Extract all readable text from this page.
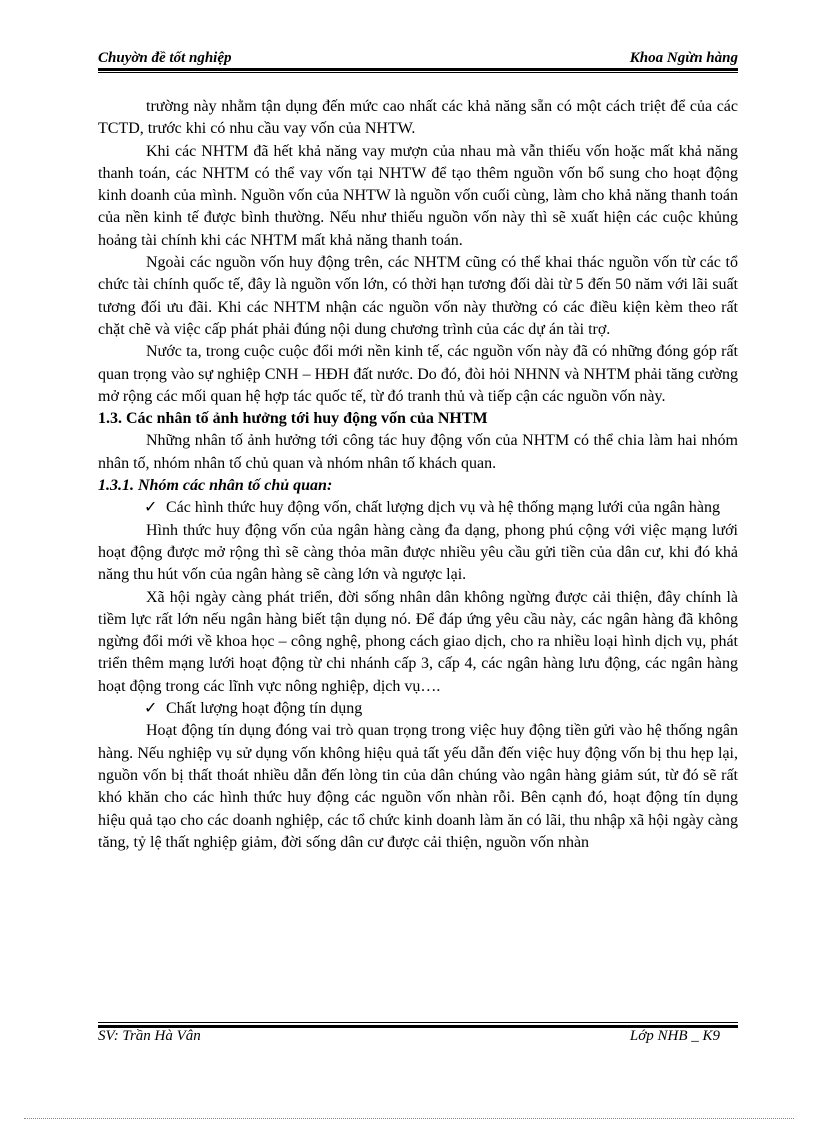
Chuyờn đề tốt nghiệp	Khoa Ngừn hàng

trường này nhằm tận dụng đến mức cao nhất các khả năng sẵn có một cách triệt để của các TCTD, trước khi có nhu cầu vay vốn của NHTW.

Khi các NHTM đã hết khả năng vay mượn của nhau mà vẫn thiếu vốn hoặc mất khả năng thanh toán, các NHTM có thể vay vốn tại NHTW để tạo thêm nguồn vốn bổ sung cho hoạt động kinh doanh của mình. Nguồn vốn của NHTW là nguồn vốn cuối cùng, làm cho khả năng thanh toán của nền kinh tế được bình thường. Nếu như thiếu nguồn vốn này thì sẽ xuất hiện các cuộc khủng hoảng tài chính khi các NHTM mất khả năng thanh toán.

Ngoài các nguồn vốn huy động trên, các NHTM cũng có thể khai thác nguồn vốn từ các tổ chức tài chính quốc tế, đây là nguồn vốn lớn, có thời hạn tương đối dài từ 5 đến 50 năm với lãi suất tương đối ưu đãi. Khi các NHTM nhận các nguồn vốn này thường có các điều kiện kèm theo rất chặt chẽ và việc cấp phát phải đúng nội dung chương trình của các dự án tài trợ.

Nước ta, trong cuộc cuộc đổi mới nền kinh tế, các nguồn vốn này đã có những đóng góp rất quan trọng vào sự nghiệp CNH – HĐH đất nước. Do đó, đòi hỏi NHNN và NHTM phải tăng cường mở rộng các mối quan hệ hợp tác quốc tế, từ đó tranh thủ và tiếp cận các nguồn vốn này.

1.3. Các nhân tố ảnh hưởng tới huy động vốn của NHTM

Những nhân tố ảnh hưởng tới công tác huy động vốn của NHTM có thể chia làm hai nhóm nhân tố, nhóm nhân tố chủ quan và nhóm nhân tố khách quan.

1.3.1. Nhóm các nhân tố chủ quan:

✓ Các hình thức huy động vốn, chất lượng dịch vụ và hệ thống mạng lưới của ngân hàng

Hình thức huy động vốn của ngân hàng càng đa dạng, phong phú cộng với việc mạng lưới hoạt động được mở rộng thì sẽ càng thỏa mãn được nhiều yêu cầu gửi tiền của dân cư, khi đó khả năng thu hút vốn của ngân hàng sẽ càng lớn và ngược lại.

Xã hội ngày càng phát triển, đời sống nhân dân không ngừng được cải thiện, đây chính là tiềm lực rất lớn nếu ngân hàng biết tận dụng nó. Để đáp ứng yêu cầu này, các ngân hàng đã không ngừng đổi mới về khoa học – công nghệ, phong cách giao dịch, cho ra nhiều loại hình dịch vụ, phát triển thêm mạng lưới hoạt động từ chi nhánh cấp 3, cấp 4, các ngân hàng lưu động, các ngân hàng hoạt động trong các lĩnh vực nông nghiệp, dịch vụ….

✓ Chất lượng hoạt động tín dụng

Hoạt động tín dụng đóng vai trò quan trọng trong việc huy động tiền gửi vào hệ thống ngân hàng. Nếu nghiệp vụ sử dụng vốn không hiệu quả tất yếu dẫn đến việc huy động vốn bị thu hẹp lại, nguồn vốn bị thất thoát nhiều dẫn đến lòng tin của dân chúng vào ngân hàng giảm sút, từ đó sẽ rất khó khăn cho các hình thức huy động các nguồn vốn nhàn rỗi. Bên cạnh đó, hoạt động tín dụng hiệu quả tạo cho các doanh nghiệp, các tổ chức kinh doanh làm ăn có lãi, thu nhập xã hội ngày càng tăng, tỷ lệ thất nghiệp giảm, đời sống dân cư được cải thiện, nguồn vốn nhàn

SV: Trần Hà Vân	Lớp NHB _ K9
